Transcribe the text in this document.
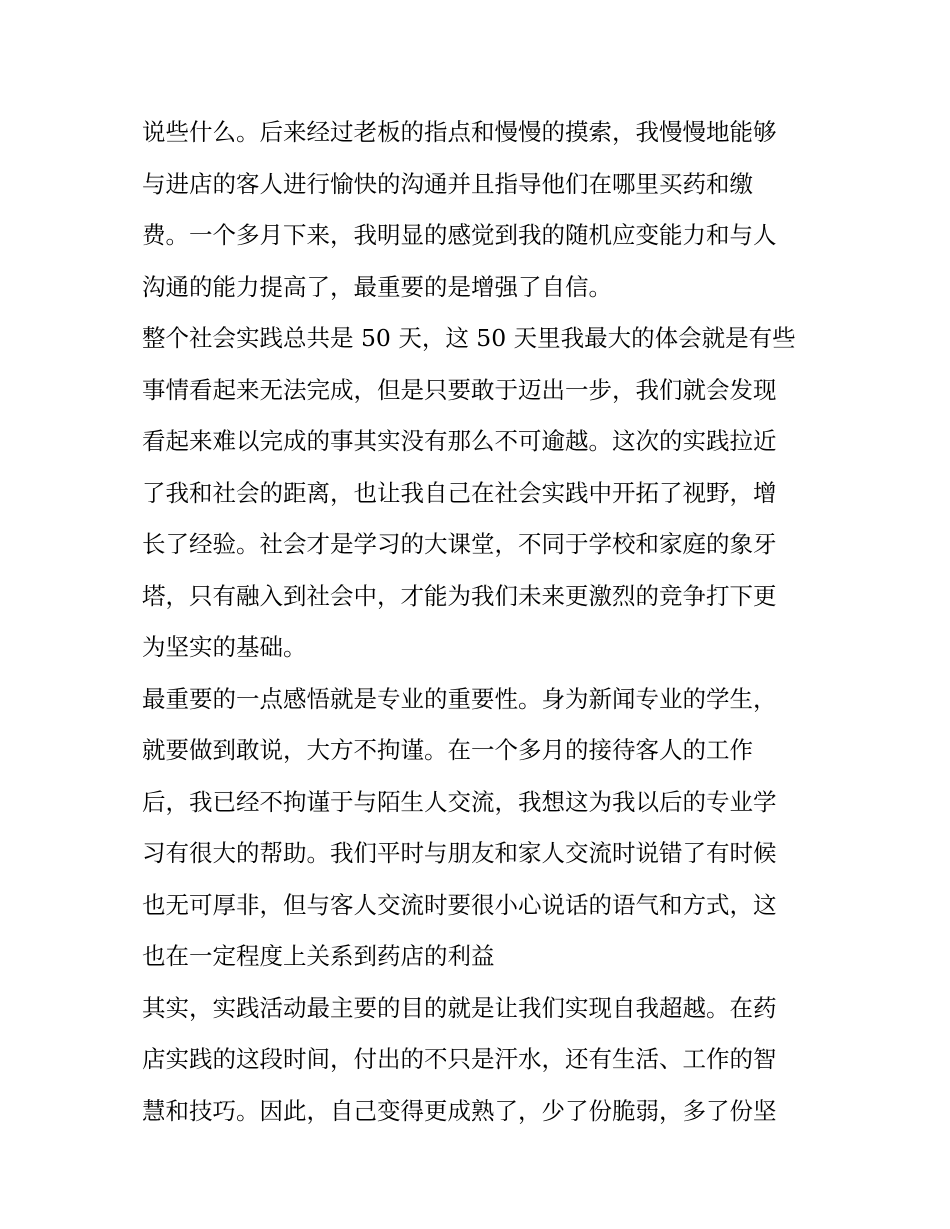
说些什么。后来经过老板的指点和慢慢的摸索，我慢慢地能够
与进店的客人进行愉快的沟通并且指导他们在哪里买药和缴
费。一个多月下来，我明显的感觉到我的随机应变能力和与人
沟通的能力提高了，最重要的是增强了自信。
整个社会实践总共是 50 天，这 50 天里我最大的体会就是有些
事情看起来无法完成，但是只要敢于迈出一步，我们就会发现
看起来难以完成的事其实没有那么不可逾越。这次的实践拉近
了我和社会的距离，也让我自己在社会实践中开拓了视野，增
长了经验。社会才是学习的大课堂，不同于学校和家庭的象牙
塔，只有融入到社会中，才能为我们未来更激烈的竞争打下更
为坚实的基础。
最重要的一点感悟就是专业的重要性。身为新闻专业的学生，
就要做到敢说，大方不拘谨。在一个多月的接待客人的工作
后，我已经不拘谨于与陌生人交流，我想这为我以后的专业学
习有很大的帮助。我们平时与朋友和家人交流时说错了有时候
也无可厚非，但与客人交流时要很小心说话的语气和方式，这
也在一定程度上关系到药店的利益
其实，实践活动最主要的目的就是让我们实现自我超越。在药
店实践的这段时间，付出的不只是汗水，还有生活、工作的智
慧和技巧。因此，自己变得更成熟了，少了份脆弱，多了份坚
